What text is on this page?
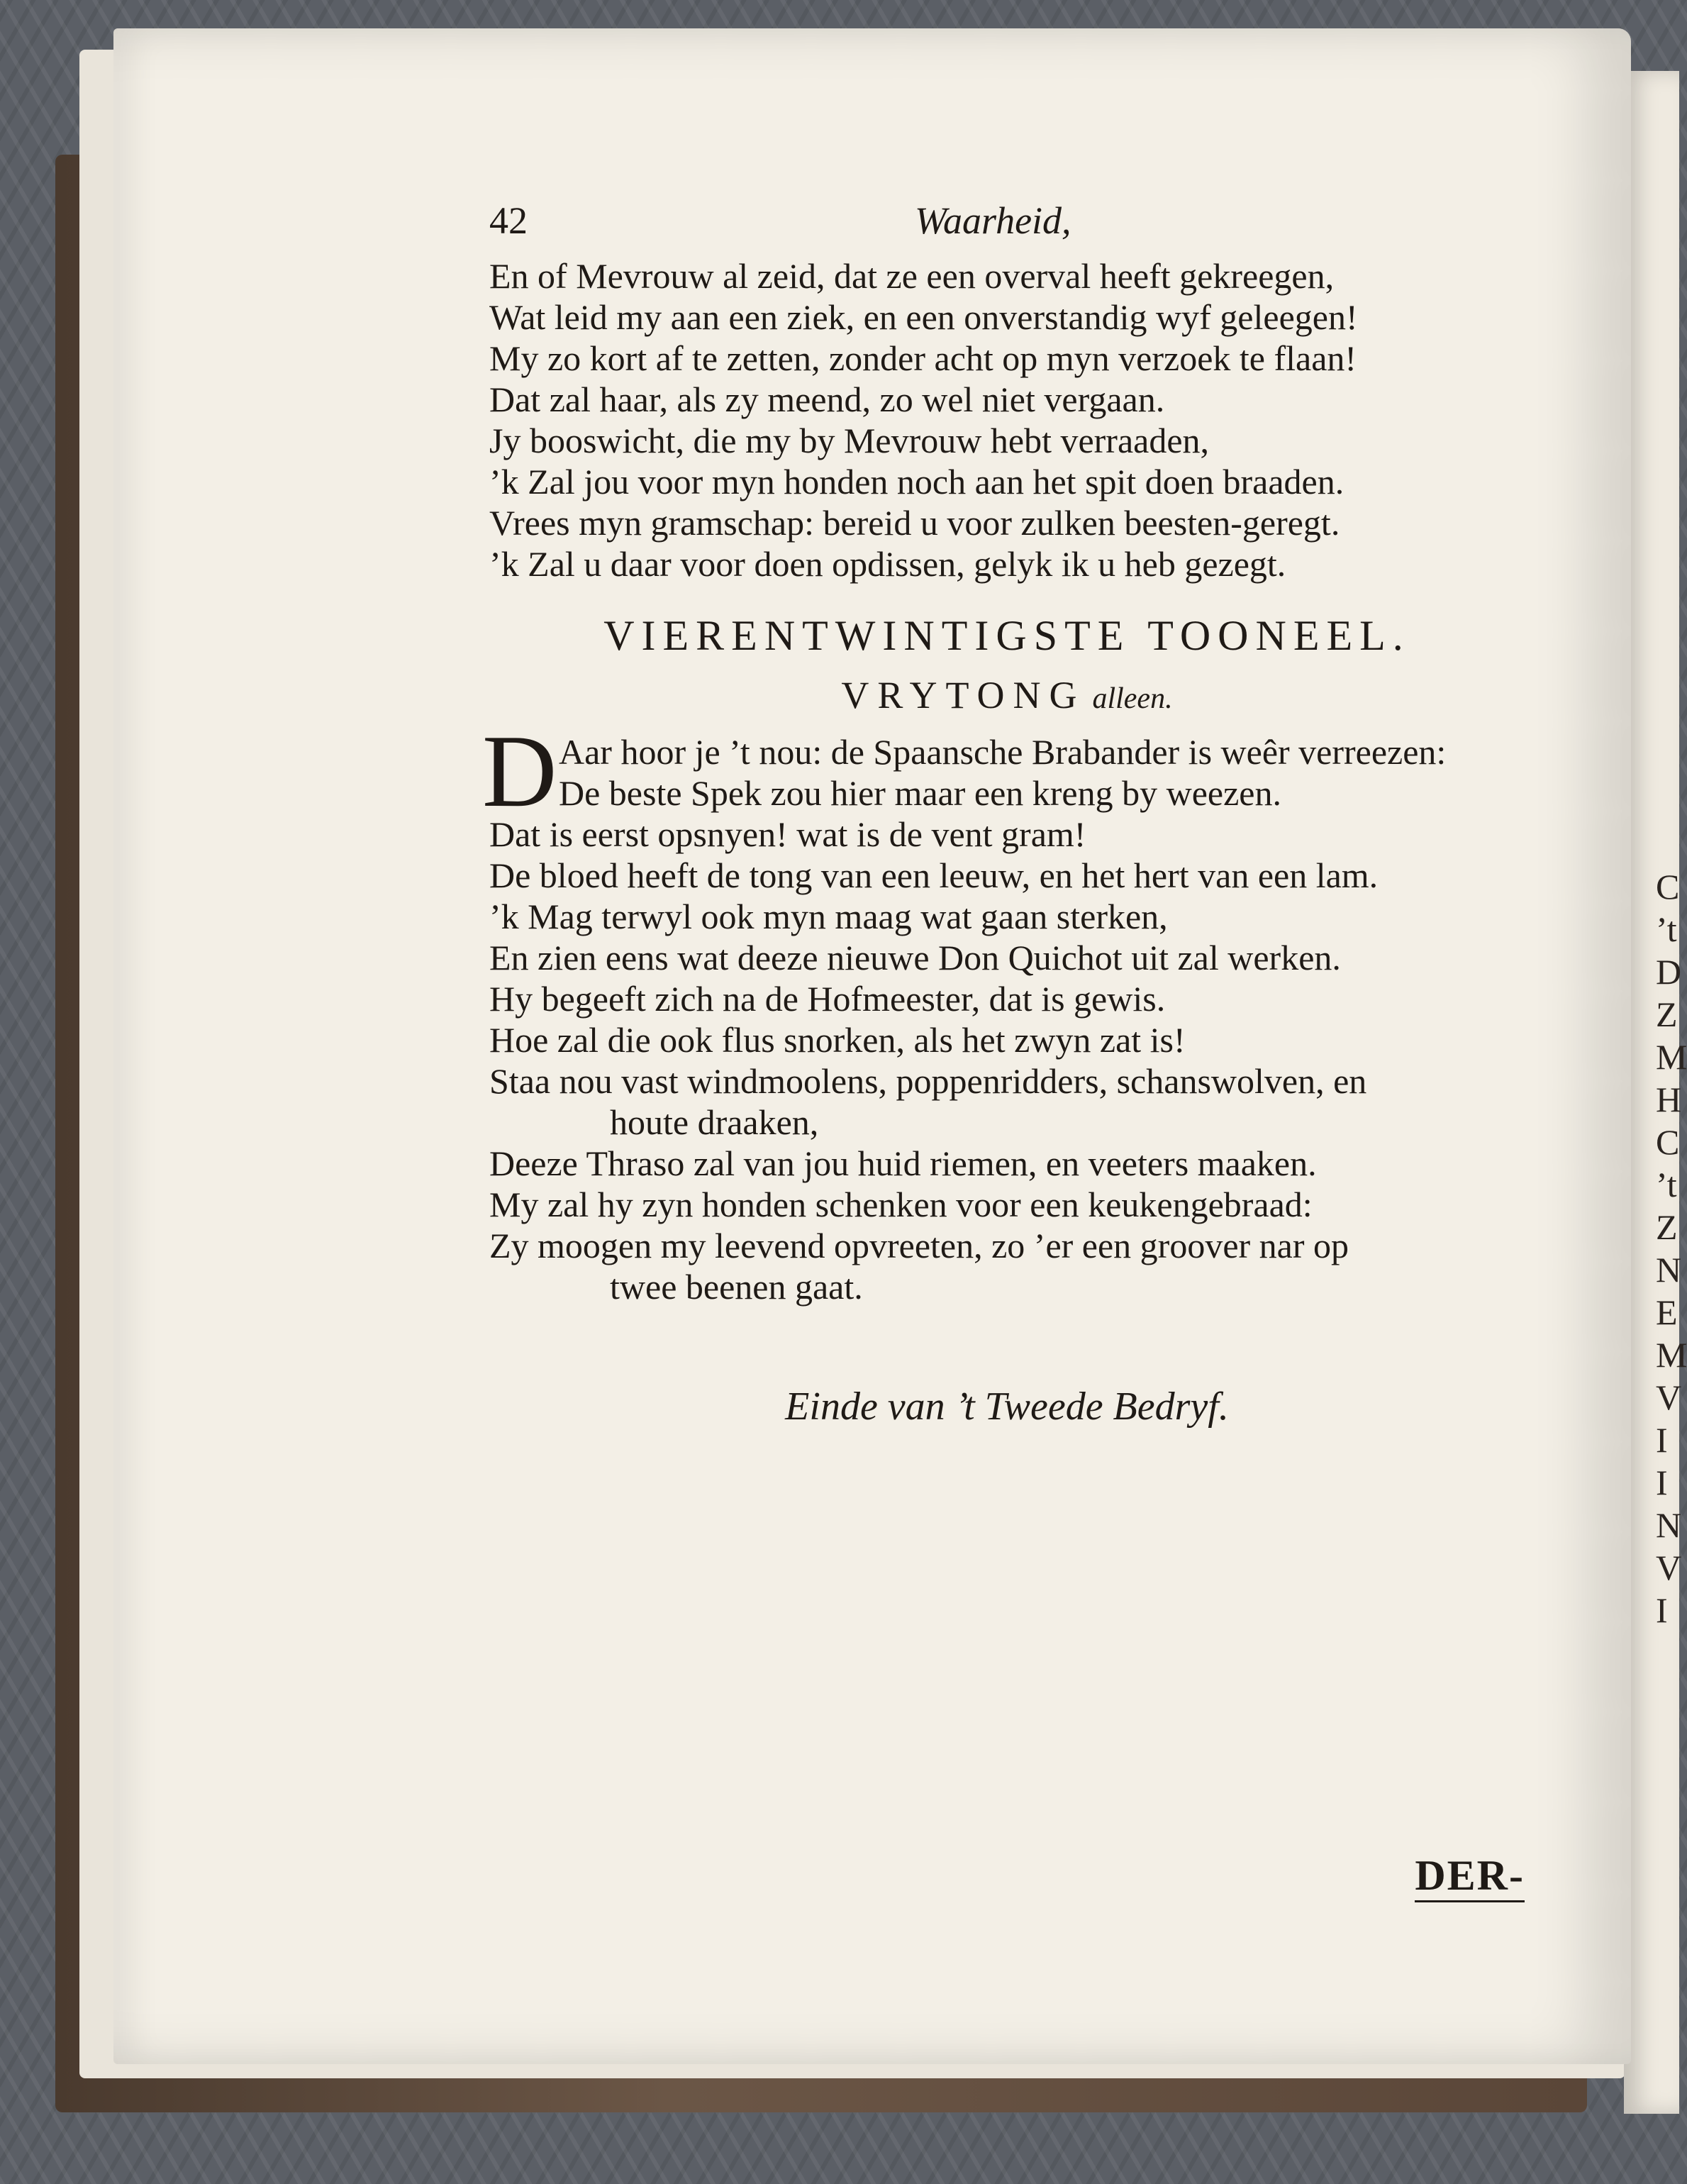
C
’t
D
Z
M
H
C
’t
Z
N
E
M
V
I
I
N
V
I
42	Waarheid,
En of Mevrouw al zeid, dat ze een overval heeft gekreegen,
Wat leid my aan een ziek, en een onverstandig wyf geleegen!
My zo kort af te zetten, zonder acht op myn verzoek te flaan!
Dat zal haar, als zy meend, zo wel niet vergaan.
Jy booswicht, die my by Mevrouw hebt verraaden,
’k Zal jou voor myn honden noch aan het spit doen braaden.
Vrees myn gramschap: bereid u voor zulken beesten-geregt.
’k Zal u daar voor doen opdissen, gelyk ik u heb gezegt.
VIERENTWINTIGSTE TOONEEL.
VRYTONG alleen.
D Aar hoor je ’t nou: de Spaansche Brabander is weêr verreezen:
De beste Spek zou hier maar een kreng by weezen.
Dat is eerst opsnyen! wat is de vent gram!
De bloed heeft de tong van een leeuw, en het hert van een lam.
’k Mag terwyl ook myn maag wat gaan sterken,
En zien eens wat deeze nieuwe Don Quichot uit zal werken.
Hy begeeft zich na de Hofmeester, dat is gewis.
Hoe zal die ook flus snorken, als het zwyn zat is!
Staa nou vast windmoolens, poppenridders, schanswolven, en
houte draaken,
Deeze Thraso zal van jou huid riemen, en veeters maaken.
My zal hy zyn honden schenken voor een keukengebraad:
Zy moogen my leevend opvreeten, zo ’er een groover nar op
twee beenen gaat.
Einde van ’t Tweede Bedryf.
DER-
